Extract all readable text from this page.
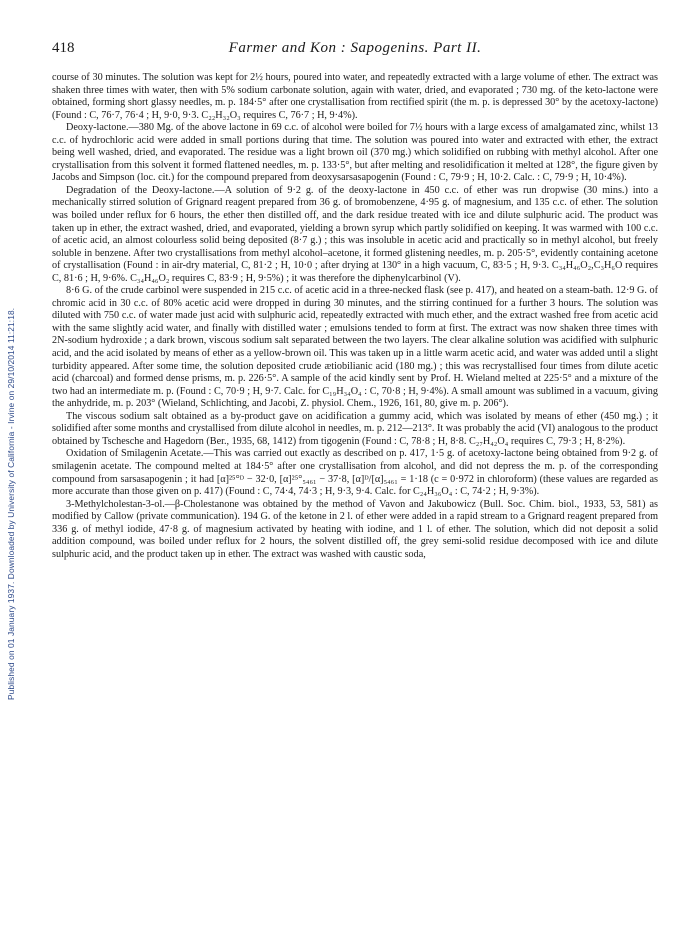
Published on 01 January 1937. Downloaded by University of California - Irvine on 29/10/2014 11:21:18.
418	Farmer and Kon : Sapogenins. Part II.

course of 30 minutes. The solution was kept for 2½ hours, poured into water, and repeatedly extracted with a large volume of ether. The extract was shaken three times with water, then with 5% sodium carbonate solution, again with water, dried, and evaporated ; 730 mg. of the keto-lactone were obtained, forming short glassy needles, m. p. 184·5° after one crystallisation from rectified spirit (the m. p. is depressed 30° by the acetoxy-lactone) (Found : C, 76·7, 76·4 ; H, 9·0, 9·3. C₂₂H₃₂O₃ requires C, 76·7 ; H, 9·4%).

Deoxy-lactone.—380 Mg. of the above lactone in 69 c.c. of alcohol were boiled for 7½ hours with a large excess of amalgamated zinc, whilst 13 c.c. of hydrochloric acid were added in small portions during that time. The solution was poured into water and extracted with ether, the extract being well washed, dried, and evaporated. The residue was a light brown oil (370 mg.) which solidified on rubbing with methyl alcohol. After one crystallisation from this solvent it formed flattened needles, m. p. 133·5°, but after melting and resolidification it melted at 128°, the figure given by Jacobs and Simpson (loc. cit.) for the compound prepared from deoxysarsasapogenin (Found : C, 79·9 ; H, 10·2. Calc. : C, 79·9 ; H, 10·4%).

Degradation of the Deoxy-lactone.—A solution of 9·2 g. of the deoxy-lactone in 450 c.c. of ether was run dropwise (30 mins.) into a mechanically stirred solution of Grignard reagent prepared from 36 g. of bromobenzene, 4·95 g. of magnesium, and 135 c.c. of ether. The solution was boiled under reflux for 6 hours, the ether then distilled off, and the dark residue treated with ice and dilute sulphuric acid. The product was taken up in ether, the extract washed, dried, and evaporated, yielding a brown syrup which partly solidified on keeping. It was warmed with 100 c.c. of acetic acid, an almost colourless solid being deposited (8·7 g.) ; this was insoluble in acetic acid and practically so in methyl alcohol, but freely soluble in benzene. After two crystallisations from methyl alcohol–acetone, it formed glistening needles, m. p. 205·5°, evidently containing acetone of crystallisation (Found : in air-dry material, C, 81·2 ; H, 10·0 ; after drying at 130° in a high vacuum, C, 83·5 ; H, 9·3. C₃₄H₄₆O₂,C₃H₆O requires C, 81·6 ; H, 9·6%. C₃₄H₄₆O₂ requires C, 83·9 ; H, 9·5%) ; it was therefore the diphenylcarbinol (V).

8·6 G. of the crude carbinol were suspended in 215 c.c. of acetic acid in a three-necked flask (see p. 417), and heated on a steam-bath. 12·9 G. of chromic acid in 30 c.c. of 80% acetic acid were dropped in during 30 minutes, and the stirring continued for a further 3 hours. The solution was diluted with 750 c.c. of water made just acid with sulphuric acid, repeatedly extracted with much ether, and the extract washed free from acetic acid with the same slightly acid water, and finally with distilled water ; emulsions tended to form at first. The extract was now shaken three times with 2N-sodium hydroxide ; a dark brown, viscous sodium salt separated between the two layers. The clear alkaline solution was acidified with sulphuric acid, and the acid isolated by means of ether as a yellow-brown oil. This was taken up in a little warm acetic acid, and water was added until a slight turbidity appeared. After some time, the solution deposited crude ætiobilianic acid (180 mg.) ; this was recrystallised four times from dilute acetic acid (charcoal) and formed dense prisms, m. p. 226·5°. A sample of the acid kindly sent by Prof. H. Wieland melted at 225·5° and a mixture of the two had an intermediate m. p. (Found : C, 70·9 ; H, 9·7. Calc. for C₁₉H₃₄O₄ : C, 70·8 ; H, 9·4%). A small amount was sublimed in a vacuum, giving the anhydride, m. p. 203° (Wieland, Schlichting, and Jacobi, Z. physiol. Chem., 1926, 161, 80, give m. p. 206°).

The viscous sodium salt obtained as a by-product gave on acidification a gummy acid, which was isolated by means of ether (450 mg.) ; it solidified after some months and crystallised from dilute alcohol in needles, m. p. 212—213°. It was probably the acid (VI) analogous to the product obtained by Tschesche and Hagedorn (Ber., 1935, 68, 1412) from tigogenin (Found : C, 78·8 ; H, 8·8. C₂₇H₄₂O₄ requires C, 79·3 ; H, 8·2%).

Oxidation of Smilagenin Acetate.—This was carried out exactly as described on p. 417, 1·5 g. of acetoxy-lactone being obtained from 9·2 g. of smilagenin acetate. The compound melted at 184·5° after one crystallisation from alcohol, and did not depress the m. p. of the corresponding compound from sarsasapogenin ; it had [α]²⁵°ᴰ − 32·0, [α]²⁵°₅₄₆₁ − 37·8, [α]ᴰ/[α]₅₄₆₁ = 1·18 (c = 0·972 in chloroform) (these values are regarded as more accurate than those given on p. 417) (Found : C, 74·4, 74·3 ; H, 9·3, 9·4. Calc. for C₂₄H₃₆O₄ : C, 74·2 ; H, 9·3%).

3-Methylcholestan-3-ol.—β-Cholestanone was obtained by the method of Vavon and Jakubowicz (Bull. Soc. Chim. biol., 1933, 53, 581) as modified by Callow (private communication). 194 G. of the ketone in 2 l. of ether were added in a rapid stream to a Grignard reagent prepared from 336 g. of methyl iodide, 47·8 g. of magnesium activated by heating with iodine, and 1 l. of ether. The solution, which did not deposit a solid addition compound, was boiled under reflux for 2 hours, the solvent distilled off, the grey semi-solid residue decomposed with ice and dilute sulphuric acid, and the product taken up in ether. The extract was washed with caustic soda,
